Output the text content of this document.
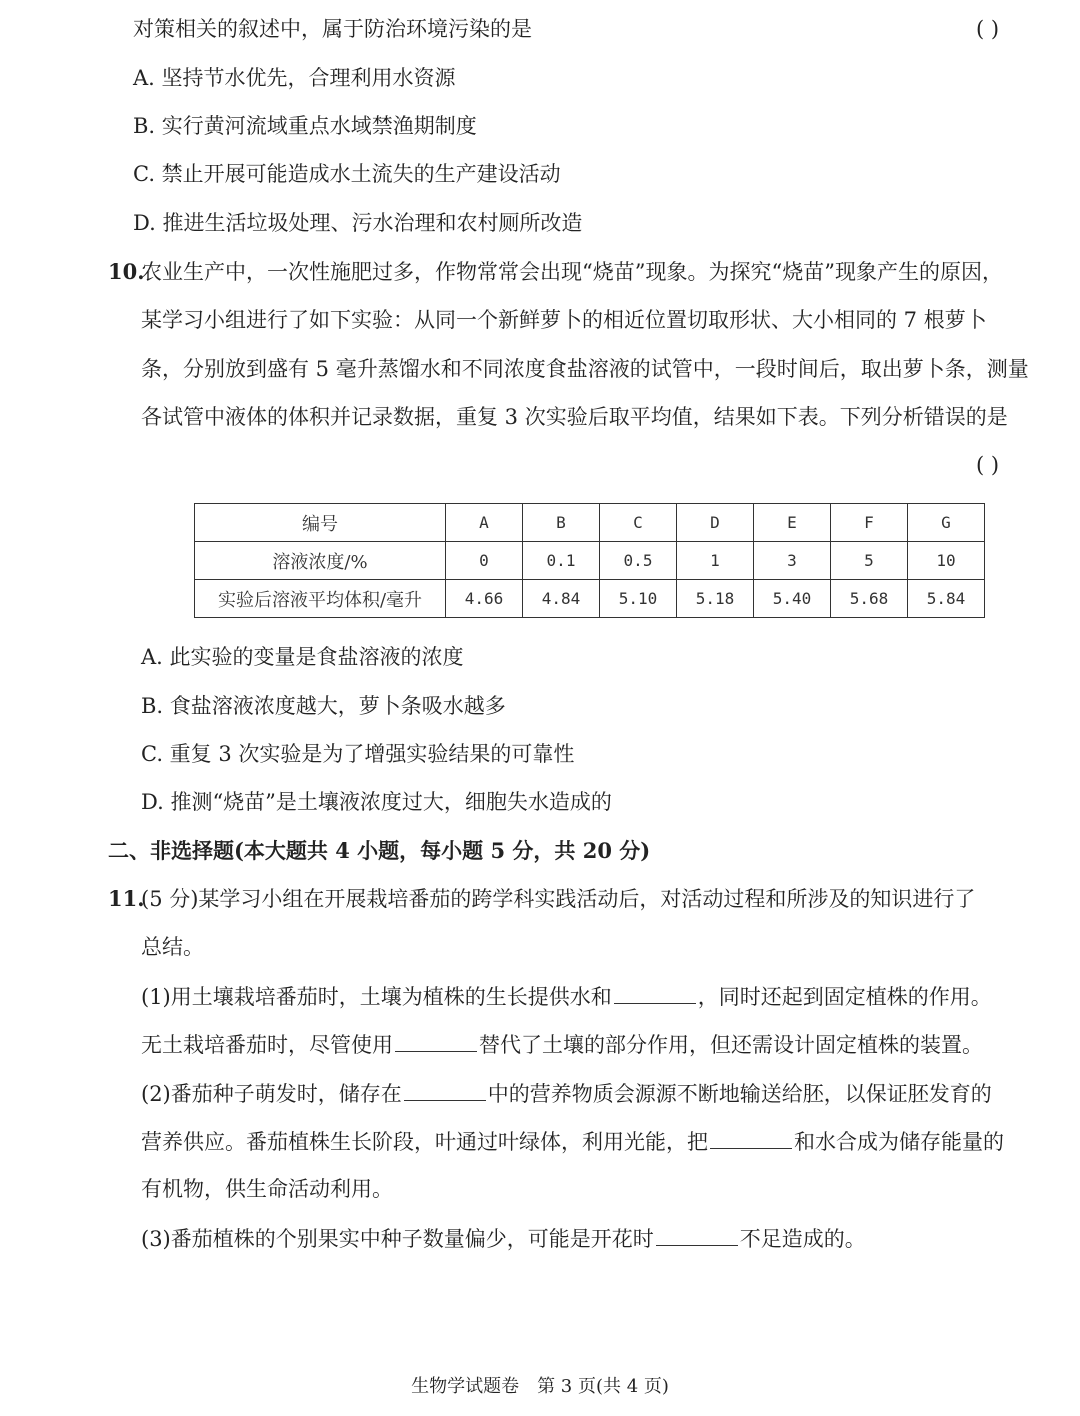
对策相关的叙述中，属于防治环境污染的是	( )
A. 坚持节水优先，合理利用水资源
B. 实行黄河流域重点水域禁渔期制度
C. 禁止开展可能造成水土流失的生产建设活动
D. 推进生活垃圾处理、污水治理和农村厕所改造
10.
农业生产中，一次性施肥过多，作物常常会出现“烧苗”现象。为探究“烧苗”现象产生的原因，
某学习小组进行了如下实验：从同一个新鲜萝卜的相近位置切取形状、大小相同的 7 根萝卜
条，分别放到盛有 5 毫升蒸馏水和不同浓度食盐溶液的试管中，一段时间后，取出萝卜条，测量
各试管中液体的体积并记录数据，重复 3 次实验后取平均值，结果如下表。下列分析错误的是
( )
编号	A	B	C	D	E	F	G
溶液浓度/%	0	0.1	0.5	1	3	5	10
实验后溶液平均体积/毫升	4.66	4.84	5.10	5.18	5.40	5.68	5.84
A. 此实验的变量是食盐溶液的浓度
B. 食盐溶液浓度越大，萝卜条吸水越多
C. 重复 3 次实验是为了增强实验结果的可靠性
D. 推测“烧苗”是土壤液浓度过大，细胞失水造成的
二、非选择题(本大题共 4 小题，每小题 5 分，共 20 分)
11.
(5 分)某学习小组在开展栽培番茄的跨学科实践活动后，对活动过程和所涉及的知识进行了
总结。
(1)用土壤栽培番茄时，土壤为植株的生长提供水和	，同时还起到固定植株的作用。
无土栽培番茄时，尽管使用	替代了土壤的部分作用，但还需设计固定植株的装置。
(2)番茄种子萌发时，储存在	中的营养物质会源源不断地输送给胚，以保证胚发育的
营养供应。番茄植株生长阶段，叶通过叶绿体，利用光能，把	和水合成为储存能量的
有机物，供生命活动利用。
(3)番茄植株的个别果实中种子数量偏少，可能是开花时	不足造成的。
生物学试题卷　第 3 页(共 4 页)
